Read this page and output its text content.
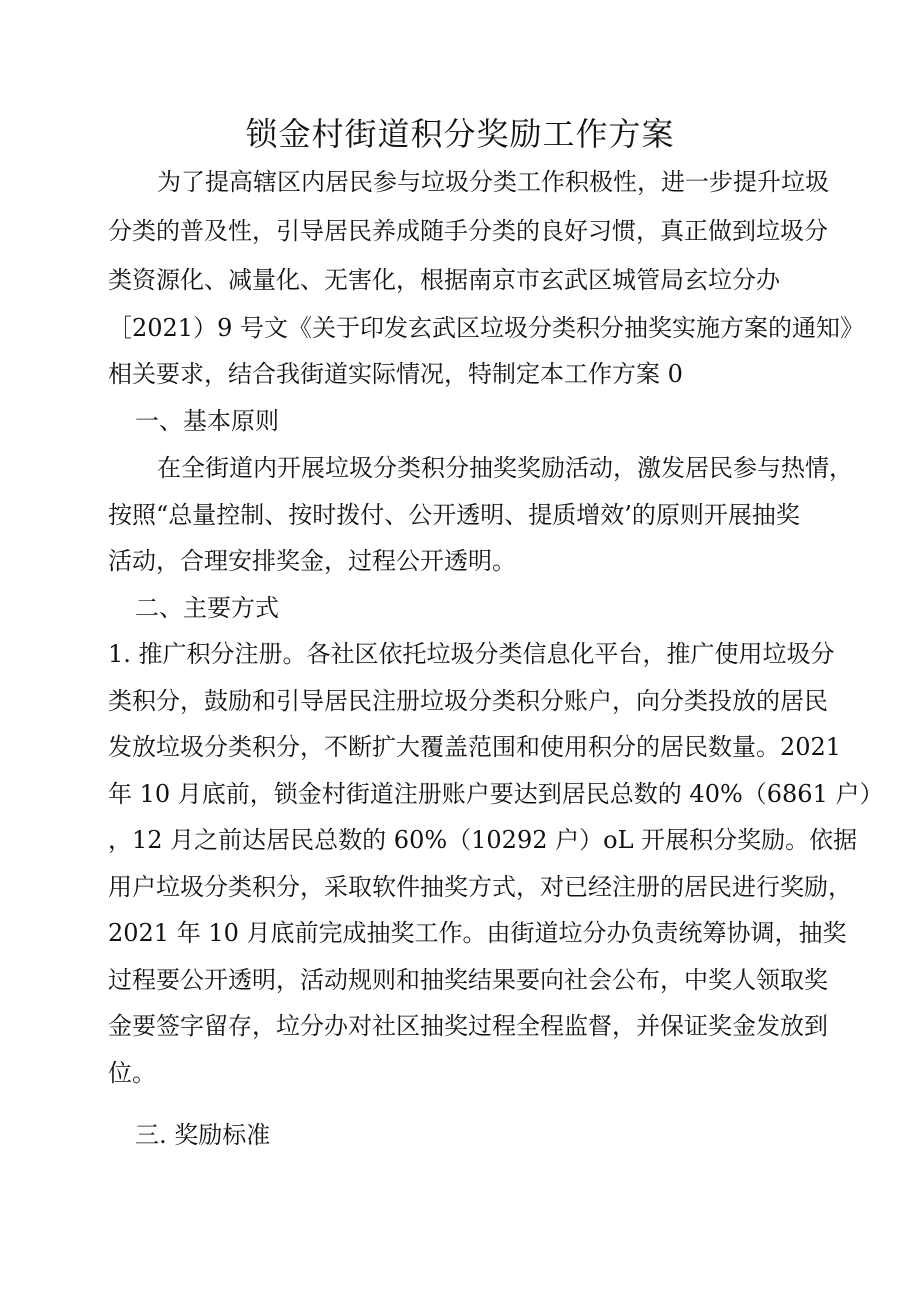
锁金村街道积分奖励工作方案
为了提高辖区内居民参与垃圾分类工作积极性，进一步提升垃圾
分类的普及性，引导居民养成随手分类的良好习惯，真正做到垃圾分
类资源化、减量化、无害化，根据南京市玄武区城管局玄垃分办
［2021）9 号文《关于印发玄武区垃圾分类积分抽奖实施方案的通知》
相关要求，结合我街道实际情况，特制定本工作方案 0
一、基本原则
在全街道内开展垃圾分类积分抽奖奖励活动，激发居民参与热情，
按照“总量控制、按时拨付、公开透明、提质增效’的原则开展抽奖
活动，合理安排奖金，过程公开透明。
二、主要方式
1. 推广积分注册。各社区依托垃圾分类信息化平台，推广使用垃圾分
类积分，鼓励和引导居民注册垃圾分类积分账户，向分类投放的居民
发放垃圾分类积分，不断扩大覆盖范围和使用积分的居民数量。2021
年 10 月底前，锁金村街道注册账户要达到居民总数的 40%（6861 户）
，12 月之前达居民总数的 60%（10292 户）oL 开展积分奖励。依据
用户垃圾分类积分，采取软件抽奖方式，对已经注册的居民进行奖励，
2021 年 10 月底前完成抽奖工作。由街道垃分办负责统筹协调，抽奖
过程要公开透明，活动规则和抽奖结果要向社会公布，中奖人领取奖
金要签字留存，垃分办对社区抽奖过程全程监督，并保证奖金发放到
位。
三. 奖励标准
